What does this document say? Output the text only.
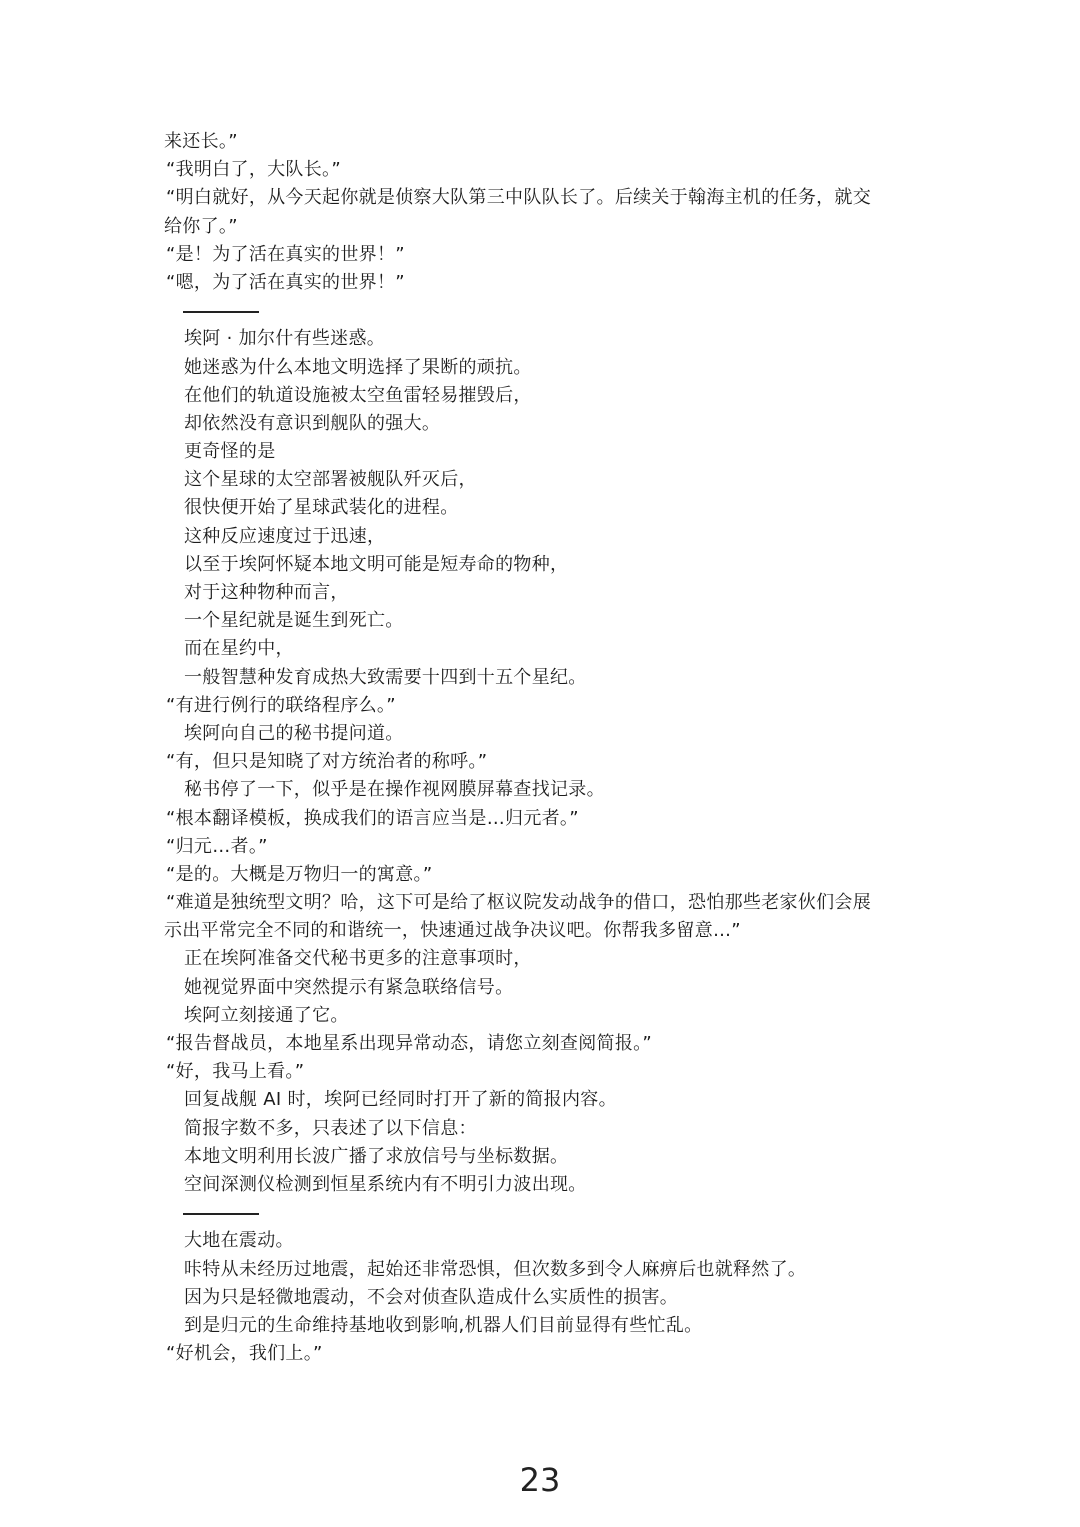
来还长。”
“我明白了，大队长。”
“明白就好，从今天起你就是侦察大队第三中队队长了。后续关于翰海主机的任务，就交
给你了。”
“是！为了活在真实的世界！”
“嗯，为了活在真实的世界！”
埃阿 · 加尔什有些迷惑。
她迷惑为什么本地文明选择了果断的顽抗。
在他们的轨道设施被太空鱼雷轻易摧毁后，
却依然没有意识到舰队的强大。
更奇怪的是
这个星球的太空部署被舰队歼灭后，
很快便开始了星球武装化的进程。
这种反应速度过于迅速，
以至于埃阿怀疑本地文明可能是短寿命的物种，
对于这种物种而言，
一个星纪就是诞生到死亡。
而在星约中，
一般智慧种发育成热大致需要十四到十五个星纪。
“有进行例行的联络程序么。”
埃阿向自己的秘书提问道。
“有，但只是知晓了对方统治者的称呼。”
秘书停了一下，似乎是在操作视网膜屏幕查找记录。
“根本翻译模板，换成我们的语言应当是…归元者。”
“归元…者。”
“是的。大概是万物归一的寓意。”
“难道是独统型文明？哈，这下可是给了枢议院发动战争的借口，恐怕那些老家伙们会展
示出平常完全不同的和谐统一，快速通过战争决议吧。你帮我多留意…”
正在埃阿准备交代秘书更多的注意事项时，
她视觉界面中突然提示有紧急联络信号。
埃阿立刻接通了它。
“报告督战员，本地星系出现异常动态，请您立刻查阅简报。”
“好，我马上看。”
回复战舰 AI 时，埃阿已经同时打开了新的简报内容。
简报字数不多，只表述了以下信息：
本地文明利用长波广播了求放信号与坐标数据。
空间深测仪检测到恒星系统内有不明引力波出现。
大地在震动。
咔特从未经历过地震，起始还非常恐惧，但次数多到令人麻痹后也就释然了。
因为只是轻微地震动，不会对侦查队造成什么实质性的损害。
到是归元的生命维持基地收到影响,机器人们目前显得有些忙乱。
“好机会，我们上。”
23
